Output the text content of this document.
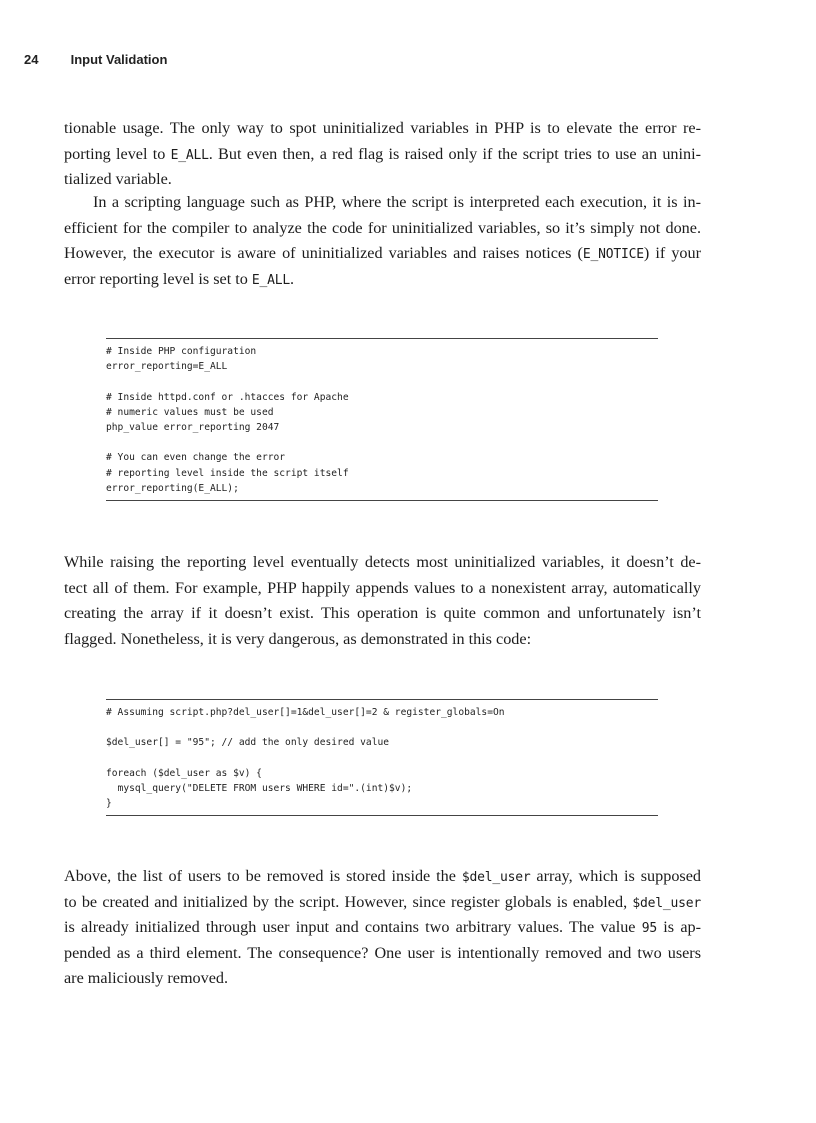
24 Input Validation
tionable usage. The only way to spot uninitialized variables in PHP is to elevate the error re-
porting level to E_ALL. But even then, a red flag is raised only if the script tries to use an unini-
tialized variable.
In a scripting language such as PHP, where the script is interpreted each execution, it is in-
efficient for the compiler to analyze the code for uninitialized variables, so it’s simply not done.
However, the executor is aware of uninitialized variables and raises notices (E_NOTICE) if your
error reporting level is set to E_ALL.
# Inside PHP configuration
error_reporting=E_ALL
# Inside httpd.conf or .htacces for Apache
# numeric values must be used
php_value error_reporting 2047
# You can even change the error
# reporting level inside the script itself
error_reporting(E_ALL);
While raising the reporting level eventually detects most uninitialized variables, it doesn’t de-
tect all of them. For example, PHP happily appends values to a nonexistent array, automatically
creating the array if it doesn’t exist. This operation is quite common and unfortunately isn’t
flagged. Nonetheless, it is very dangerous, as demonstrated in this code:
# Assuming script.php?del_user[]=1&del_user[]=2 & register_globals=On
$del_user[] = "95"; // add the only desired value
foreach ($del_user as $v) {
mysql_query("DELETE FROM users WHERE id=".(int)$v);
}
Above, the list of users to be removed is stored inside the $del_user array, which is supposed
to be created and initialized by the script. However, since register globals is enabled, $del_user
is already initialized through user input and contains two arbitrary values. The value 95 is ap-
pended as a third element. The consequence? One user is intentionally removed and two users
are maliciously removed.
